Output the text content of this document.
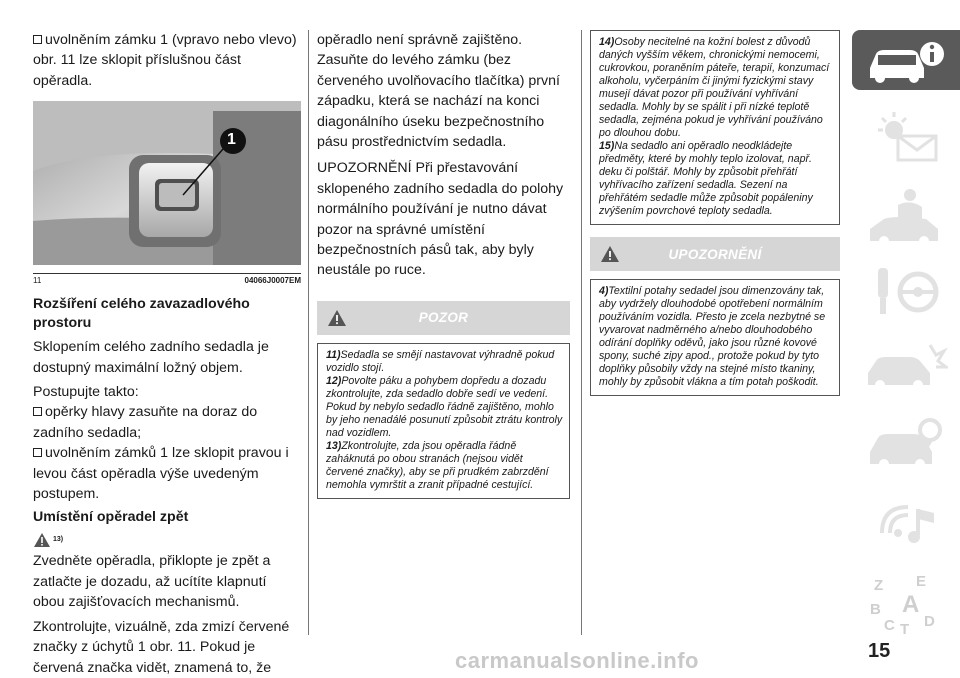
uvolněním zámku 1 (vpravo nebo vlevo) obr. 11 lze sklopit příslušnou část opěradla.

1
11	04066J0007EM
Rozšíření celého zavazadlového prostoru

Sklopením celého zadního sedadla je dostupný maximální ložný objem.

Postupujte takto:

opěrky hlavy zasuňte na doraz do zadního sedadla;

uvolněním zámků 1 lze sklopit pravou i levou část opěradla výše uvedeným postupem.

Umístění opěradel zpět
13)

Zvedněte opěradla, přiklopte je zpět a zatlačte je dozadu, až ucítíte klapnutí obou zajišťovacích mechanismů.

Zkontrolujte, vizuálně, zda zmizí červené značky z úchytů 1 obr. 11. Pokud je červená značka vidět, znamená to, že

opěradlo není správně zajištěno. Zasuňte do levého zámku (bez červeného uvolňovacího tlačítka) první západku, která se nachází na konci diagonálního úseku bezpečnostního pásu prostřednictvím sedadla.

UPOZORNĚNÍ Při přestavování sklopeného zadního sedadla do polohy normálního používání je nutno dávat pozor na správné umístění bezpečnostních pásů tak, aby byly neustále po ruce.

POZOR
11)Sedadla se smějí nastavovat výhradně pokud vozidlo stojí.
12)Povolte páku a pohybem dopředu a dozadu zkontrolujte, zda sedadlo dobře sedí ve vedení. Pokud by nebylo sedadlo řádně zajištěno, mohlo by jeho nenadálé posunutí způsobit ztrátu kontroly nad vozidlem.
13)Zkontrolujte, zda jsou opěradla řádně zaháknutá po obou stranách (nejsou vidět červené značky), aby se při prudkém zabrzdění nemohla vymrštit a zranit případné cestující.
14)Osoby necitelné na kožní bolest z důvodů daných vyšším věkem, chronickými nemocemi, cukrovkou, poraněním páteře, terapií, konzumací alkoholu, vyčerpáním či jinými fyzickými stavy musejí dávat pozor při používání vyhřívání sedadla. Mohly by se spálit i při nízké teplotě sedadla, zejména pokud je vyhřívání používáno po dlouhou dobu.
15)Na sedadlo ani opěradlo neodkládejte předměty, které by mohly teplo izolovat, např. deku či polštář. Mohly by způsobit přehřátí vyhřívacího zařízení sedadla. Sezení na přehřátém sedadle může způsobit popáleniny zvýšením povrchové teploty sedadla.
UPOZORNĚNÍ
4)Textilní potahy sedadel jsou dimenzovány tak, aby vydržely dlouhodobé opotřebení normálním používáním vozidla. Přesto je zcela nezbytné se vyvarovat nadměrného a/nebo dlouhodobého odírání doplňky oděvů, jako jsou různé kovové spony, suché zipy apod., protože pokud by tyto doplňky působily vždy na stejné místo tkaniny, mohly by způsobit vlákna a tím potah poškodit.
Z E
B A
C T D
15
carmanualsonline.info
